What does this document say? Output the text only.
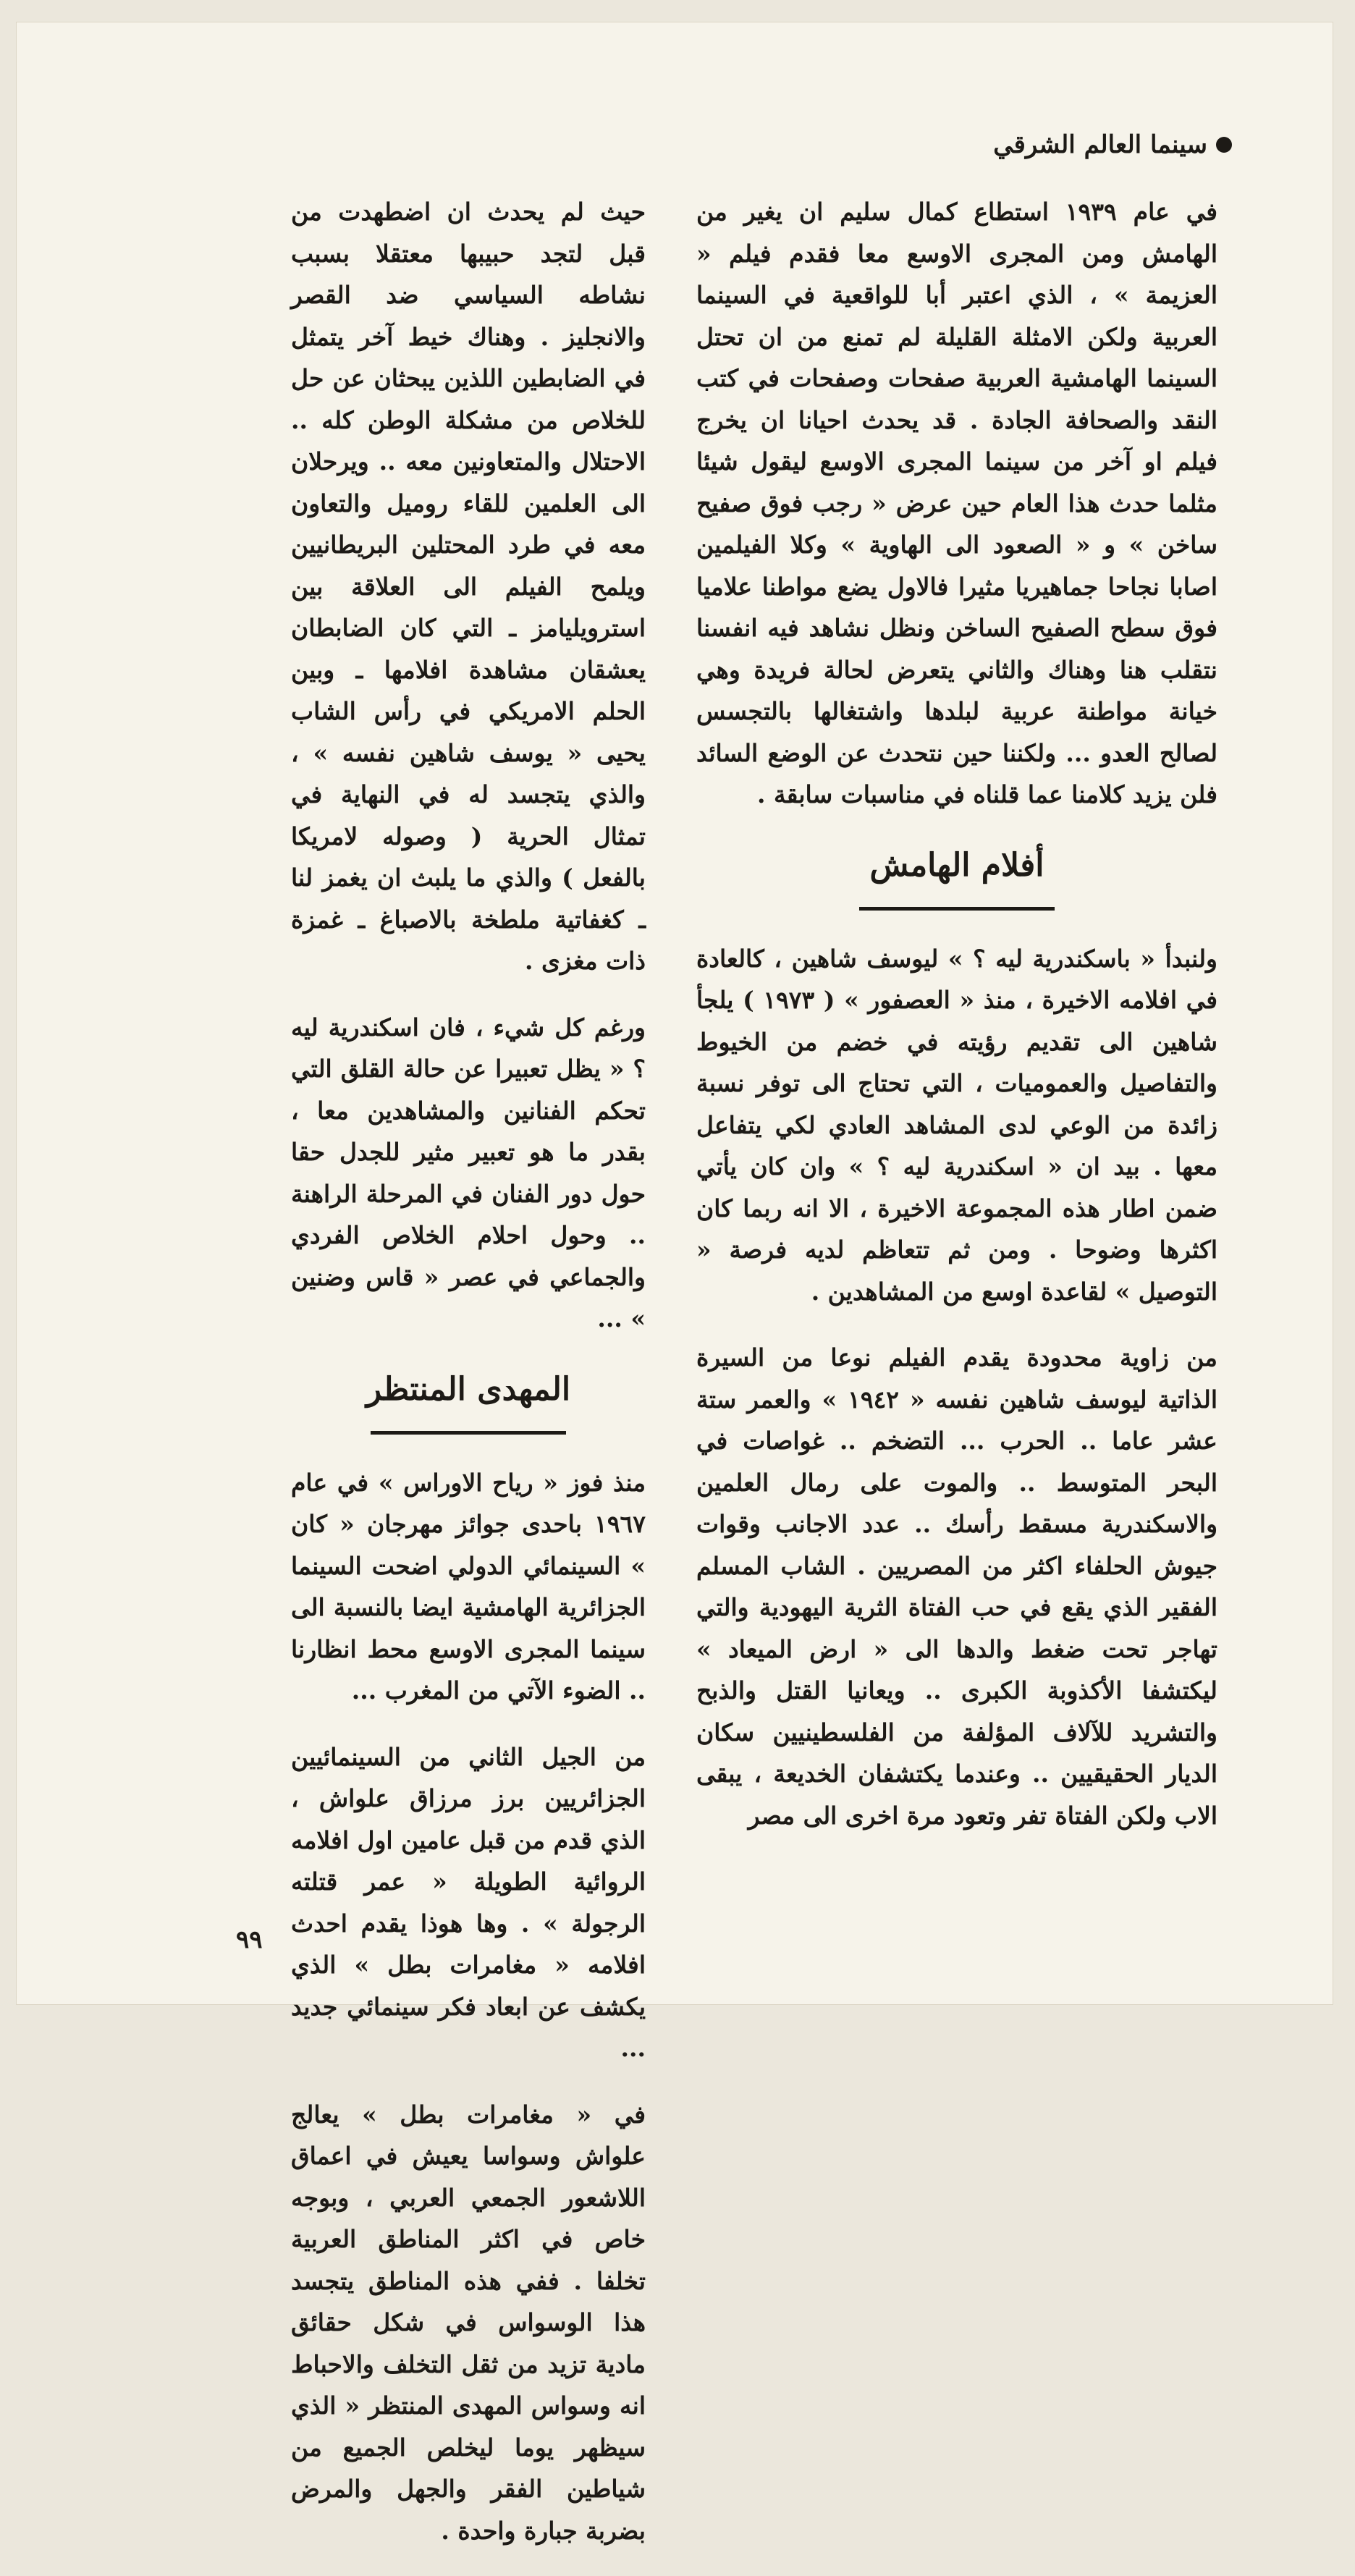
سينما العالم الشرقي

في عام ١٩٣٩ استطاع كمال سليم ان يغير من الهامش ومن المجرى الاوسع معا فقدم فيلم « العزيمة » ، الذي اعتبر أبا للواقعية في السينما العربية ولكن الامثلة القليلة لم تمنع من ان تحتل السينما الهامشية العربية صفحات وصفحات في كتب النقد والصحافة الجادة . قد يحدث احيانا ان يخرج فيلم او آخر من سينما المجرى الاوسع ليقول شيئا مثلما حدث هذا العام حين عرض « رجب فوق صفيح ساخن » و « الصعود الى الهاوية » وكلا الفيلمين اصابا نجاحا جماهيريا مثيرا فالاول يضع مواطنا علاميا فوق سطح الصفيح الساخن ونظل نشاهد فيه انفسنا نتقلب هنا وهناك والثاني يتعرض لحالة فريدة وهي خيانة مواطنة عربية لبلدها واشتغالها بالتجسس لصالح العدو ... ولكننا حين نتحدث عن الوضع السائد فلن يزيد كلامنا عما قلناه في مناسبات سابقة .

أفلام الهامش

ولنبدأ « باسكندرية ليه ؟ » ليوسف شاهين ، كالعادة في افلامه الاخيرة ، منذ « العصفور » ( ١٩٧٣ ) يلجأ شاهين الى تقديم رؤيته في خضم من الخيوط والتفاصيل والعموميات ، التي تحتاج الى توفر نسبة زائدة من الوعي لدى المشاهد العادي لكي يتفاعل معها . بيد ان « اسكندرية ليه ؟ » وان كان يأتي ضمن اطار هذه المجموعة الاخيرة ، الا انه ربما كان اكثرها وضوحا . ومن ثم تتعاظم لديه فرصة « التوصيل » لقاعدة اوسع من المشاهدين .

من زاوية محدودة يقدم الفيلم نوعا من السيرة الذاتية ليوسف شاهين نفسه « ١٩٤٢ » والعمر ستة عشر عاما .. الحرب ... التضخم .. غواصات في البحر المتوسط .. والموت على رمال العلمين والاسكندرية مسقط رأسك .. عدد الاجانب وقوات جيوش الحلفاء اكثر من المصريين . الشاب المسلم الفقير الذي يقع في حب الفتاة الثرية اليهودية والتي تهاجر تحت ضغط والدها الى « ارض الميعاد » ليكتشفا الأكذوبة الكبرى .. ويعانيا القتل والذبح والتشريد للآلاف المؤلفة من الفلسطينيين سكان الديار الحقيقيين .. وعندما يكتشفان الخديعة ، يبقى الاب ولكن الفتاة تفر وتعود مرة اخرى الى مصر

حيث لم يحدث ان اضطهدت من قبل لتجد حبيبها معتقلا بسبب نشاطه السياسي ضد القصر والانجليز . وهناك خيط آخر يتمثل في الضابطين اللذين يبحثان عن حل للخلاص من مشكلة الوطن كله .. الاحتلال والمتعاونين معه .. ويرحلان الى العلمين للقاء روميل والتعاون معه في طرد المحتلين البريطانيين ويلمح الفيلم الى العلاقة بين استرويليامز ـ التي كان الضابطان يعشقان مشاهدة افلامها ـ وبين الحلم الامريكي في رأس الشاب يحيى « يوسف شاهين نفسه » ، والذي يتجسد له في النهاية في تمثال الحرية ( وصوله لامريكا بالفعل ) والذي ما يلبث ان يغمز لنا ـ كغفاتية ملطخة بالاصباغ ـ غمزة ذات مغزى .

ورغم كل شيء ، فان اسكندرية ليه ؟ « يظل تعبيرا عن حالة القلق التي تحكم الفنانين والمشاهدين معا ، بقدر ما هو تعبير مثير للجدل حقا حول دور الفنان في المرحلة الراهنة .. وحول احلام الخلاص الفردي والجماعي في عصر « قاس وضنين » ...

المهدى المنتظر

منذ فوز « رياح الاوراس » في عام ١٩٦٧ باحدى جوائز مهرجان « كان » السينمائي الدولي اضحت السينما الجزائرية الهامشية ايضا بالنسبة الى سينما المجرى الاوسع محط انظارنا .. الضوء الآتي من المغرب ...

من الجيل الثاني من السينمائيين الجزائريين برز مرزاق علواش ، الذي قدم من قبل عامين اول افلامه الروائية الطويلة « عمر قتلته الرجولة » . وها هوذا يقدم احدث افلامه « مغامرات بطل » الذي يكشف عن ابعاد فكر سينمائي جديد ...

في « مغامرات بطل » يعالج علواش وسواسا يعيش في اعماق اللاشعور الجمعي العربي ، وبوجه خاص في اكثر المناطق العربية تخلفا . ففي هذه المناطق يتجسد هذا الوسواس في شكل حقائق مادية تزيد من ثقل التخلف والاحباط انه وسواس المهدى المنتظر « الذي سيظهر يوما ليخلص الجميع من شياطين الفقر والجهل والمرض بضربة جبارة واحدة .

٩٩
